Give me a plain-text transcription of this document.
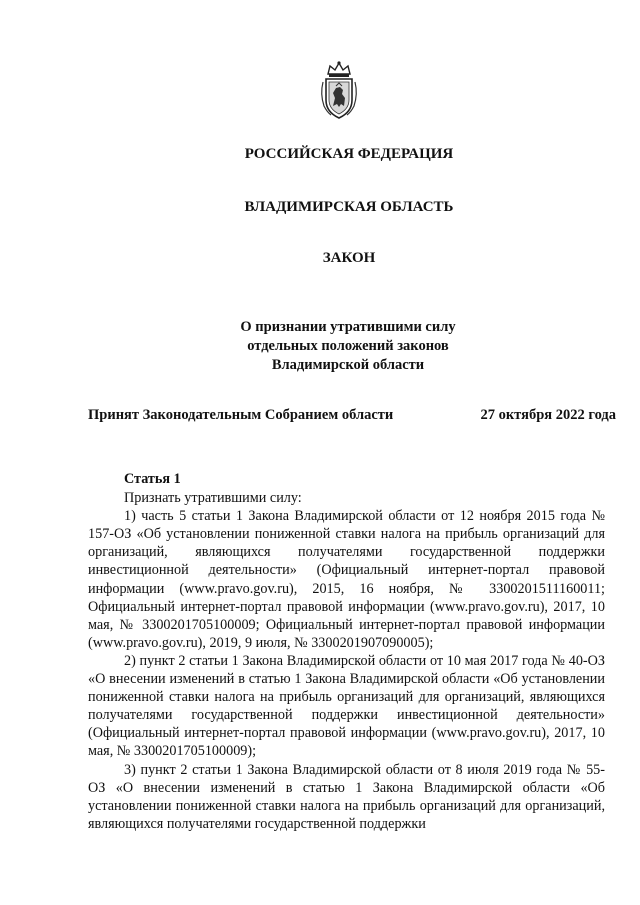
РОССИЙСКАЯ ФЕДЕРАЦИЯ
ВЛАДИМИРСКАЯ ОБЛАСТЬ
ЗАКОН
О признании утратившими силу
отдельных положений законов
Владимирской области
Принят Законодательным Собранием области	27 октября 2022 года
Статья 1

Признать утратившими силу:

1) часть 5 статьи 1 Закона Владимирской области от 12 ноября 2015 года № 157-ОЗ «Об установлении пониженной ставки налога на прибыль организаций для организаций, являющихся получателями государственной поддержки инвестиционной деятельности» (Официальный интернет-портал правовой информации (www.pravo.gov.ru), 2015, 16 ноября, № 3300201511160011; Официальный интернет-портал правовой информации (www.pravo.gov.ru), 2017, 10 мая, № 3300201705100009; Официальный интернет-портал правовой информации (www.pravo.gov.ru), 2019, 9 июля, № 3300201907090005);

2) пункт 2 статьи 1 Закона Владимирской области от 10 мая 2017 года № 40-ОЗ «О внесении изменений в статью 1 Закона Владимирской области «Об установлении пониженной ставки налога на прибыль организаций для организаций, являющихся получателями государственной поддержки инвестиционной деятельности» (Официальный интернет-портал правовой информации (www.pravo.gov.ru), 2017, 10 мая, № 3300201705100009);

3) пункт 2 статьи 1 Закона Владимирской области от 8 июля 2019 года № 55-ОЗ «О внесении изменений в статью 1 Закона Владимирской области «Об установлении пониженной ставки налога на прибыль организаций для организаций, являющихся получателями государственной поддержки
